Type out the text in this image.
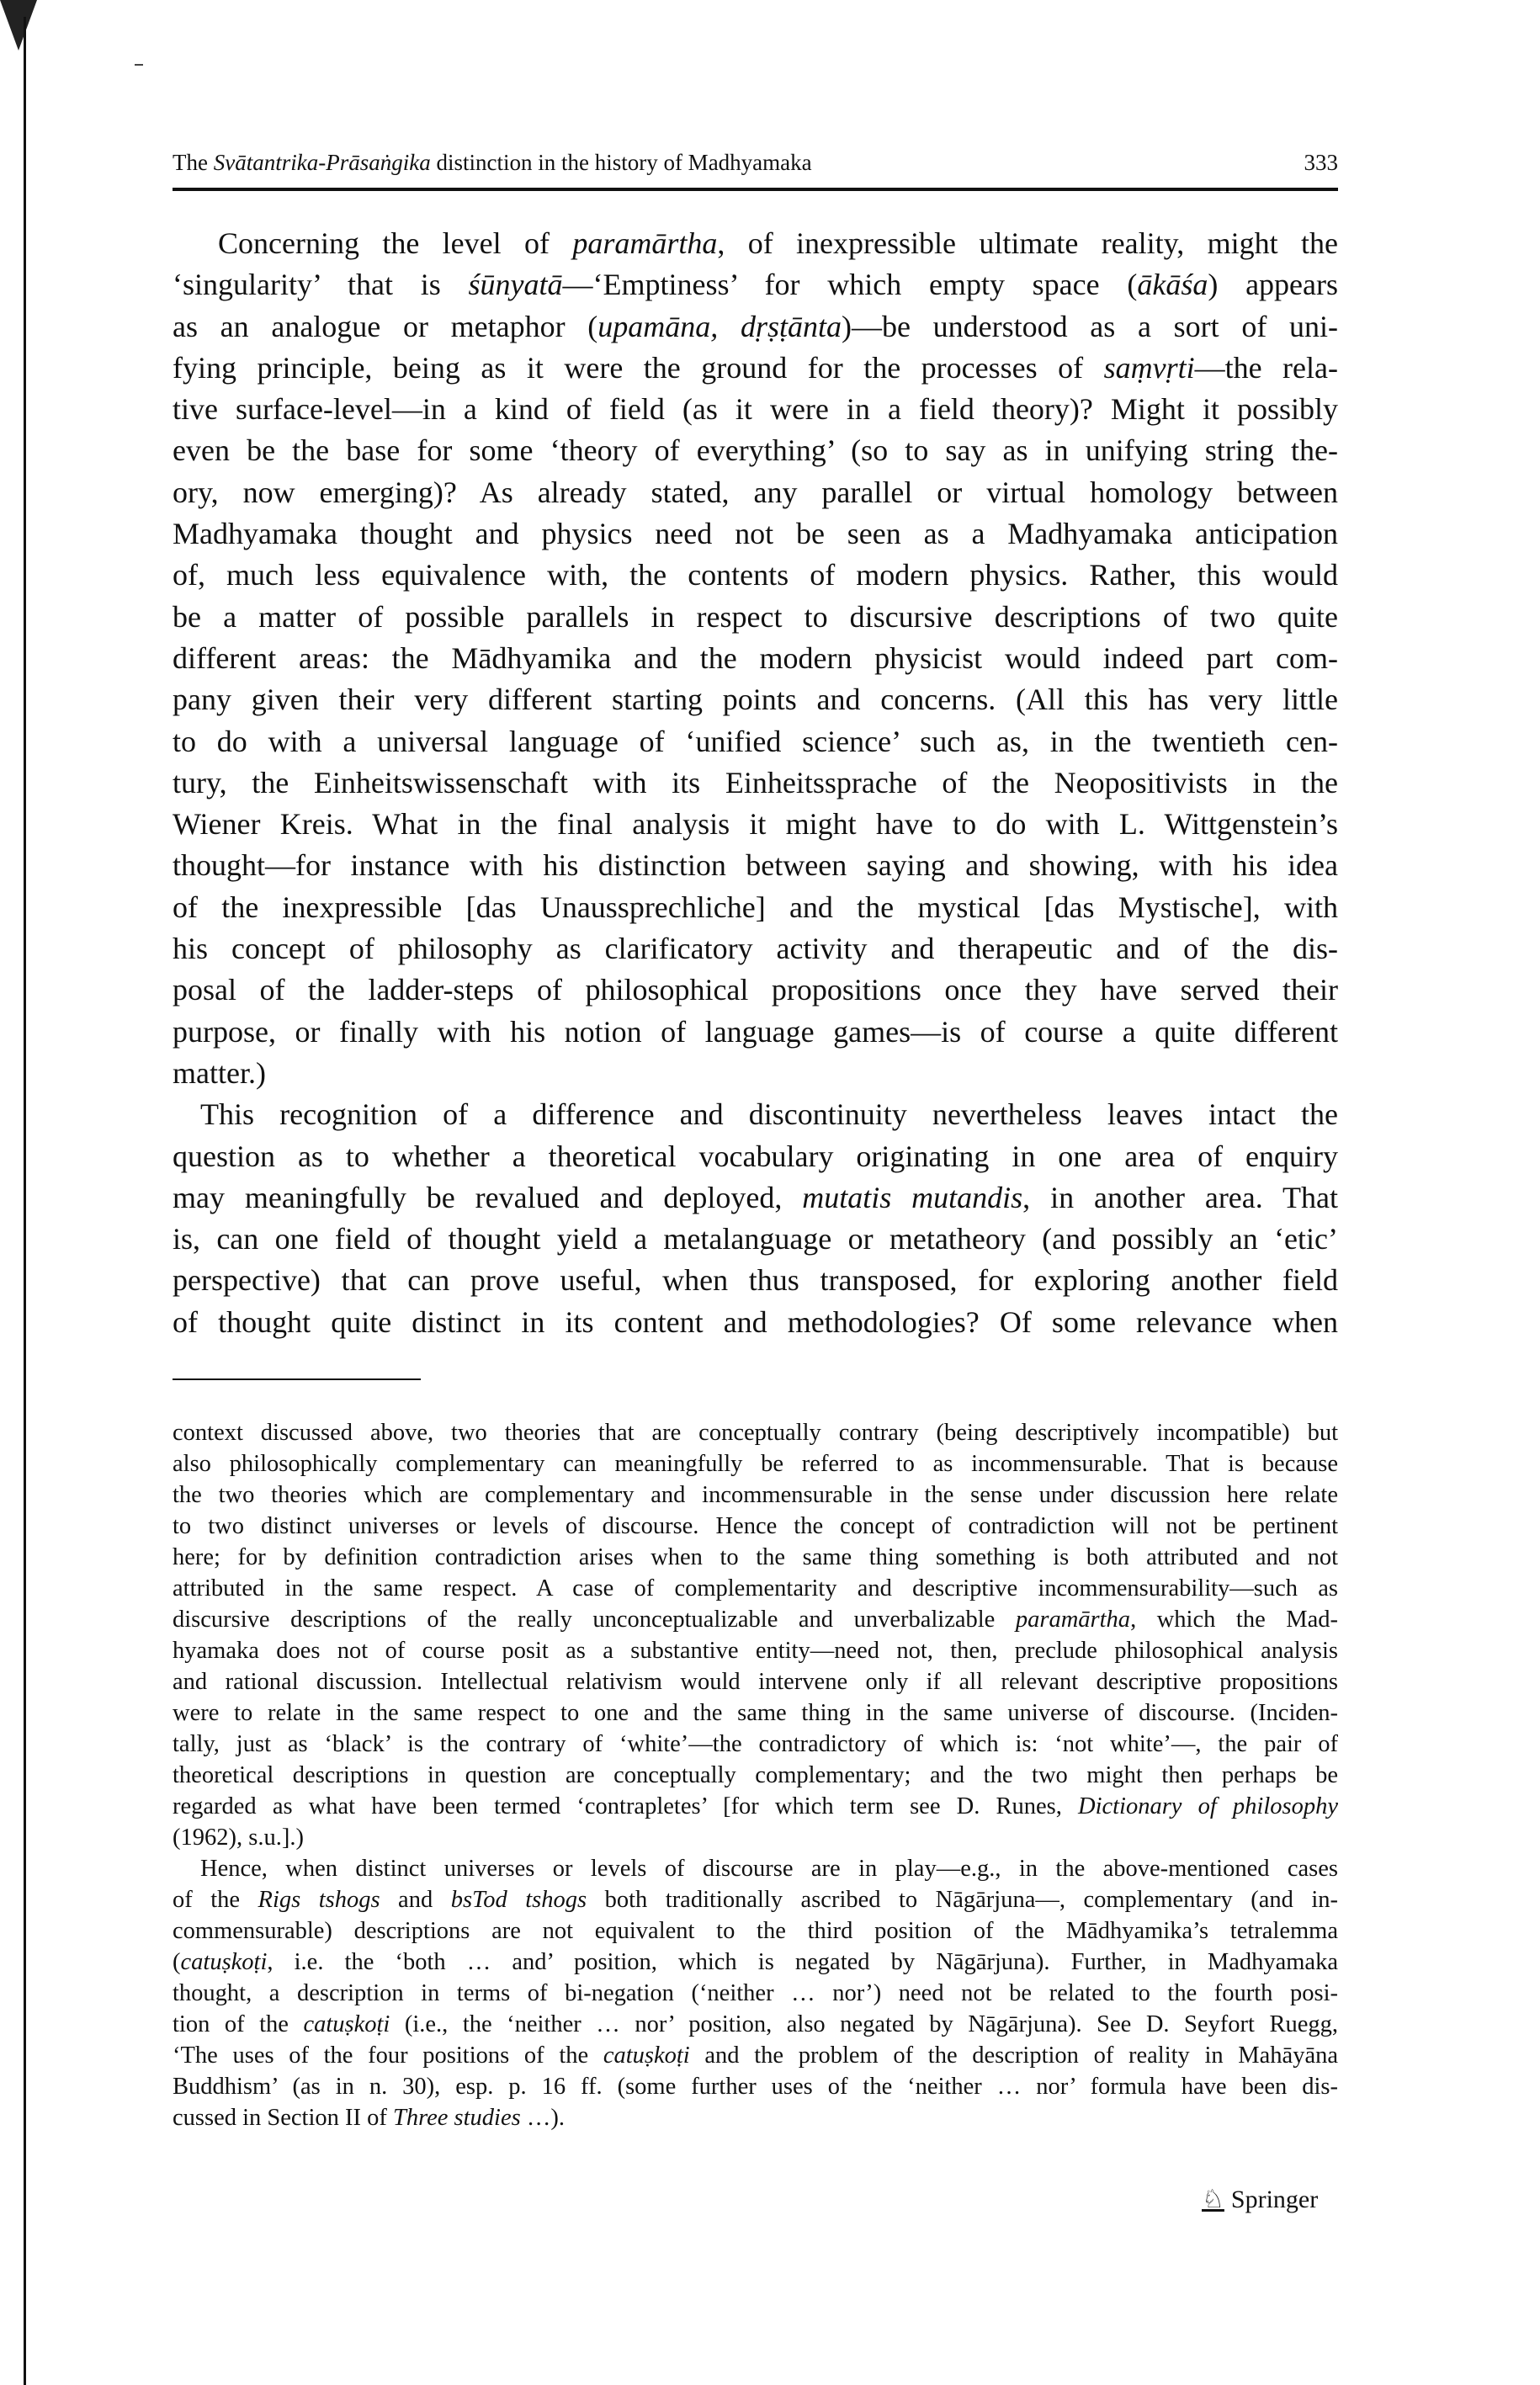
The Svātantrika-Prāsaṅgika distinction in the history of Madhyamaka	333
Concerning the level of paramārtha, of inexpressible ultimate reality, might the
‘singularity’ that is śūnyatā—‘Emptiness’ for which empty space (ākāśa) appears
as an analogue or metaphor (upamāna, dṛṣṭānta)—be understood as a sort of uni-
fying principle, being as it were the ground for the processes of saṃvṛti—the rela-
tive surface-level—in a kind of field (as it were in a field theory)? Might it possibly
even be the base for some ‘theory of everything’ (so to say as in unifying string the-
ory, now emerging)? As already stated, any parallel or virtual homology between
Madhyamaka thought and physics need not be seen as a Madhyamaka anticipation
of, much less equivalence with, the contents of modern physics. Rather, this would
be a matter of possible parallels in respect to discursive descriptions of two quite
different areas: the Mādhyamika and the modern physicist would indeed part com-
pany given their very different starting points and concerns. (All this has very little
to do with a universal language of ‘unified science’ such as, in the twentieth cen-
tury, the Einheitswissenschaft with its Einheitssprache of the Neopositivists in the
Wiener Kreis. What in the final analysis it might have to do with L. Wittgenstein’s
thought—for instance with his distinction between saying and showing, with his idea
of the inexpressible [das Unaussprechliche] and the mystical [das Mystische], with
his concept of philosophy as clarificatory activity and therapeutic and of the dis-
posal of the ladder-steps of philosophical propositions once they have served their
purpose, or finally with his notion of language games—is of course a quite different
matter.)
This recognition of a difference and discontinuity nevertheless leaves intact the
question as to whether a theoretical vocabulary originating in one area of enquiry
may meaningfully be revalued and deployed, mutatis mutandis, in another area. That
is, can one field of thought yield a metalanguage or metatheory (and possibly an ‘etic’
perspective) that can prove useful, when thus transposed, for exploring another field
of thought quite distinct in its content and methodologies? Of some relevance when
context discussed above, two theories that are conceptually contrary (being descriptively incompatible) but
also philosophically complementary can meaningfully be referred to as incommensurable. That is because
the two theories which are complementary and incommensurable in the sense under discussion here relate
to two distinct universes or levels of discourse. Hence the concept of contradiction will not be pertinent
here; for by definition contradiction arises when to the same thing something is both attributed and not
attributed in the same respect. A case of complementarity and descriptive incommensurability—such as
discursive descriptions of the really unconceptualizable and unverbalizable paramārtha, which the Mad-
hyamaka does not of course posit as a substantive entity—need not, then, preclude philosophical analysis
and rational discussion. Intellectual relativism would intervene only if all relevant descriptive propositions
were to relate in the same respect to one and the same thing in the same universe of discourse. (Inciden-
tally, just as ‘black’ is the contrary of ‘white’—the contradictory of which is: ‘not white’—, the pair of
theoretical descriptions in question are conceptually complementary; and the two might then perhaps be
regarded as what have been termed ‘contrapletes’ [for which term see D. Runes, Dictionary of philosophy
(1962), s.u.].)
Hence, when distinct universes or levels of discourse are in play—e.g., in the above-mentioned cases
of the Rigs tshogs and bsTod tshogs both traditionally ascribed to Nāgārjuna—, complementary (and in-
commensurable) descriptions are not equivalent to the third position of the Mādhyamika’s tetralemma
(catuṣkoṭi, i.e. the ‘both … and’ position, which is negated by Nāgārjuna). Further, in Madhyamaka
thought, a description in terms of bi-negation (‘neither … nor’) need not be related to the fourth posi-
tion of the catuṣkoṭi (i.e., the ‘neither … nor’ position, also negated by Nāgārjuna). See D. Seyfort Ruegg,
‘The uses of the four positions of the catuṣkoṭi and the problem of the description of reality in Mahāyāna
Buddhism’ (as in n. 30), esp. p. 16 ff. (some further uses of the ‘neither … nor’ formula have been dis-
cussed in Section II of Three studies …).
♘ Springer
